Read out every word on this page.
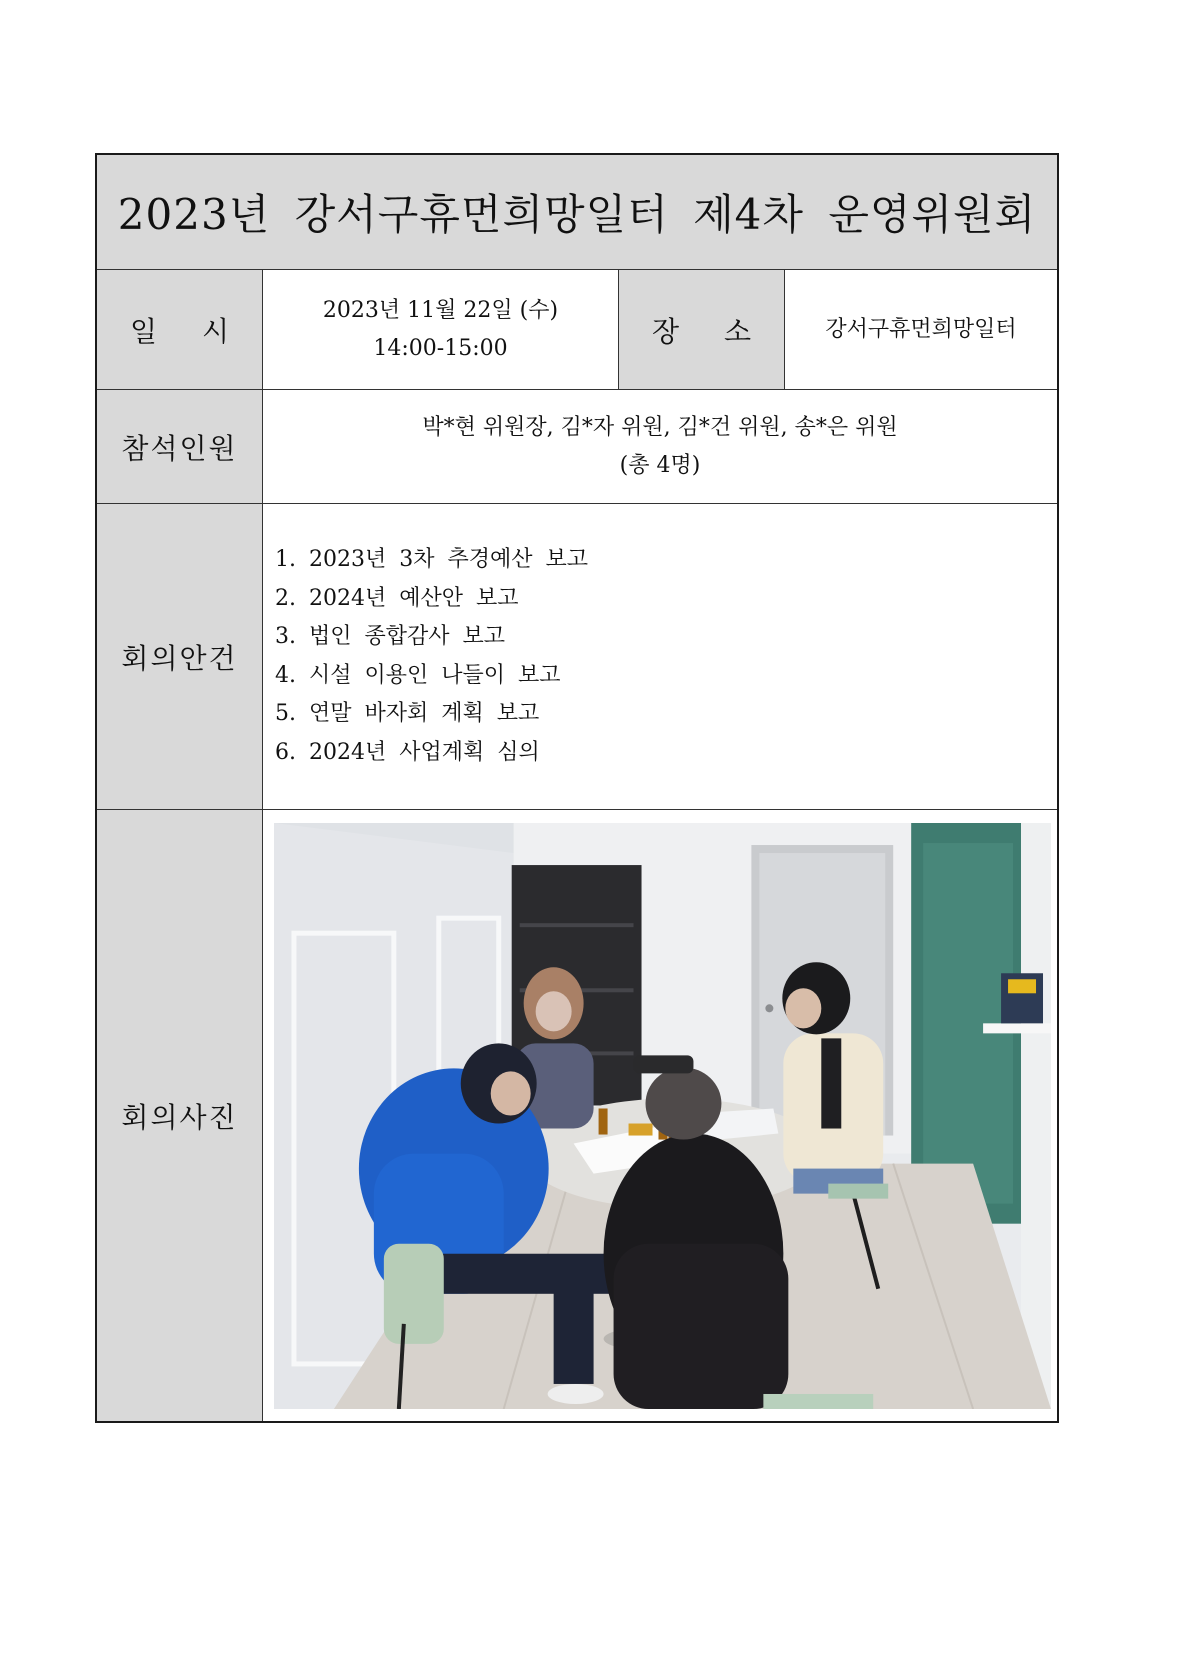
2023년 강서구휴먼희망일터 제4차 운영위원회
일 시
2023년 11월 22일 (수)
14:00-15:00
장 소	강서구휴먼희망일터
참석인원
박*현 위원장, 김*자 위원, 김*건 위원, 송*은 위원
(총 4명)
회의안건
1. 2023년 3차 추경예산 보고
2. 2024년 예산안 보고
3. 법인 종합감사 보고
4. 시설 이용인 나들이 보고
5. 연말 바자회 계획 보고
6. 2024년 사업계획 심의
회의사진
